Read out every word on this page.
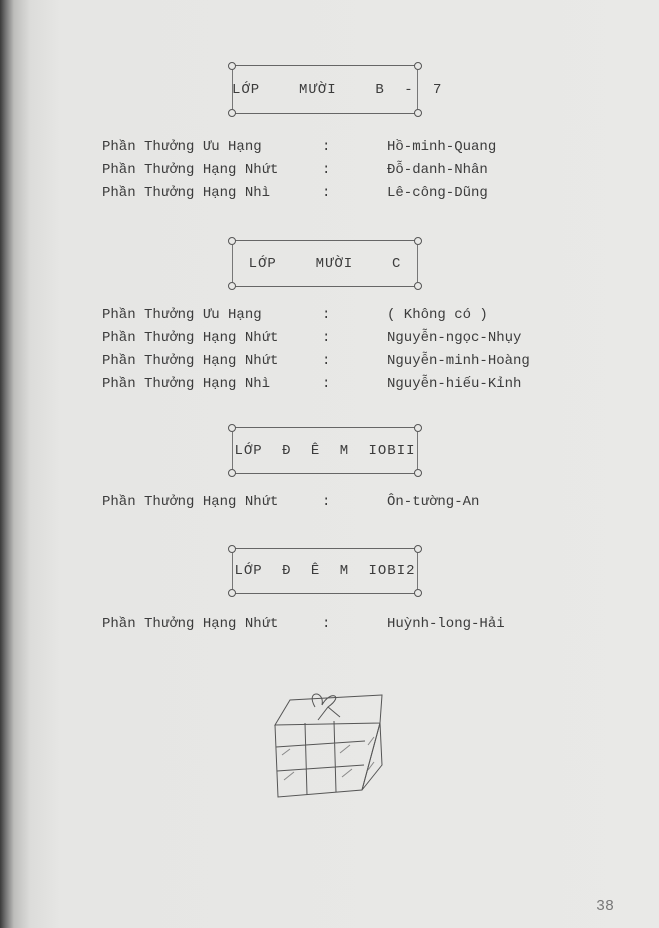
LỚP  MƯỜI  B - 7
Phần Thưởng Ưu Hạng	:	Hồ-minh-Quang
Phần Thưởng Hạng Nhứt	:	Đỗ-danh-Nhân
Phần Thưởng Hạng Nhì	:	Lê-công-Dũng
LỚP  MƯỜI  C
Phần Thưởng Ưu Hạng	:	( Không có )
Phần Thưởng Hạng Nhứt	:	Nguyễn-ngọc-Nhụy
Phần Thưởng Hạng Nhứt	:	Nguyễn-minh-Hoàng
Phần Thưởng Hạng Nhì	:	Nguyễn-hiếu-Kỉnh
LỚP Đ Ê M IOBII
Phần Thưởng Hạng Nhứt	:	Ôn-tường-An
LỚP Đ Ê M IOBI2
Phần Thưởng Hạng Nhứt	:	Huỳnh-long-Hải
38
